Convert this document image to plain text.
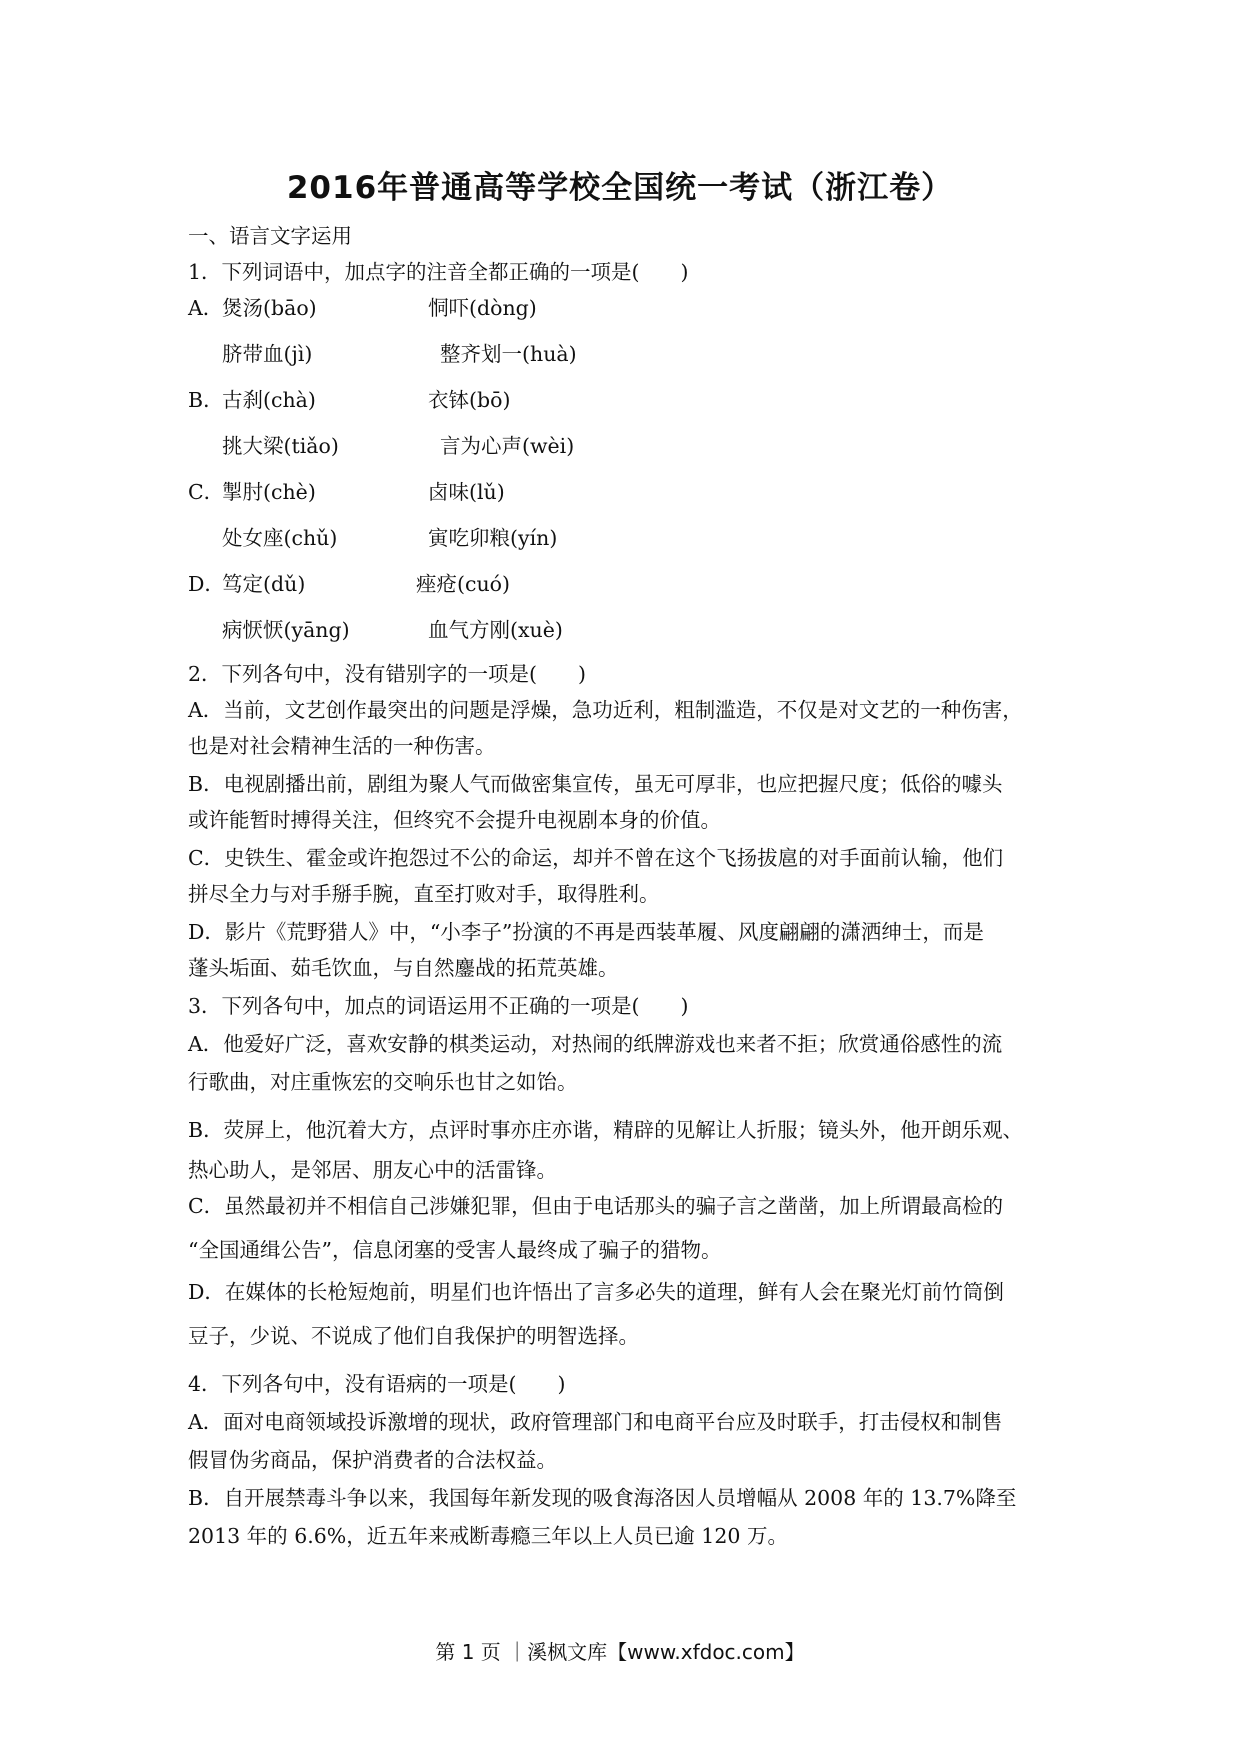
2016年普通高等学校全国统一考试（浙江卷）
一、语言文字运用
1．下列词语中，加点字的注音全都正确的一项是(　　)
A．
煲汤(bāo)	恫吓(dòng)
脐带血(jì)	整齐划一(huà)
B．
古刹(chà)	衣钵(bō)
挑大梁(tiǎo)	言为心声(wèi)
C．
掣肘(chè)	卤味(lǔ)
处女座(chǔ)	寅吃卯粮(yín)
D．
笃定(dǔ)	痤疮(cuó)
病恹恹(yāng)	血气方刚(xuè)
2．下列各句中，没有错别字的一项是(　　)
A．当前，文艺创作最突出的问题是浮燥，急功近利，粗制滥造，不仅是对文艺的一种伤害，
也是对社会精神生活的一种伤害。
B．电视剧播出前，剧组为聚人气而做密集宣传，虽无可厚非，也应把握尺度；低俗的噱头
或许能暂时搏得关注，但终究不会提升电视剧本身的价值。
C．史铁生、霍金或许抱怨过不公的命运，却并不曾在这个飞扬拔扈的对手面前认输，他们
拼尽全力与对手掰手腕，直至打败对手，取得胜利。
D．影片《荒野猎人》中，“小李子”扮演的不再是西装革履、风度翩翩的潇洒绅士，而是
蓬头垢面、茹毛饮血，与自然鏖战的拓荒英雄。
3．下列各句中，加点的词语运用不正确的一项是(　　)
A．他爱好广泛，喜欢安静的棋类运动，对热闹的纸牌游戏也来者不拒；欣赏通俗感性的流
行歌曲，对庄重恢宏的交响乐也甘之如饴。
B．荧屏上，他沉着大方，点评时事亦庄亦谐，精辟的见解让人折服；镜头外，他开朗乐观、
热心助人，是邻居、朋友心中的活雷锋。
C．虽然最初并不相信自己涉嫌犯罪，但由于电话那头的骗子言之凿凿，加上所谓最高检的
“全国通缉公告”，信息闭塞的受害人最终成了骗子的猎物。
D．在媒体的长枪短炮前，明星们也许悟出了言多必失的道理，鲜有人会在聚光灯前竹筒倒
豆子，少说、不说成了他们自我保护的明智选择。
4．下列各句中，没有语病的一项是(　　)
A．面对电商领域投诉激增的现状，政府管理部门和电商平台应及时联手，打击侵权和制售
假冒伪劣商品，保护消费者的合法权益。
B．自开展禁毒斗争以来，我国每年新发现的吸食海洛因人员增幅从 2008 年的 13.7%降至
2013 年的 6.6%，近五年来戒断毒瘾三年以上人员已逾 120 万。
第 1 页 ｜溪枫文库【www.xfdoc.com】
